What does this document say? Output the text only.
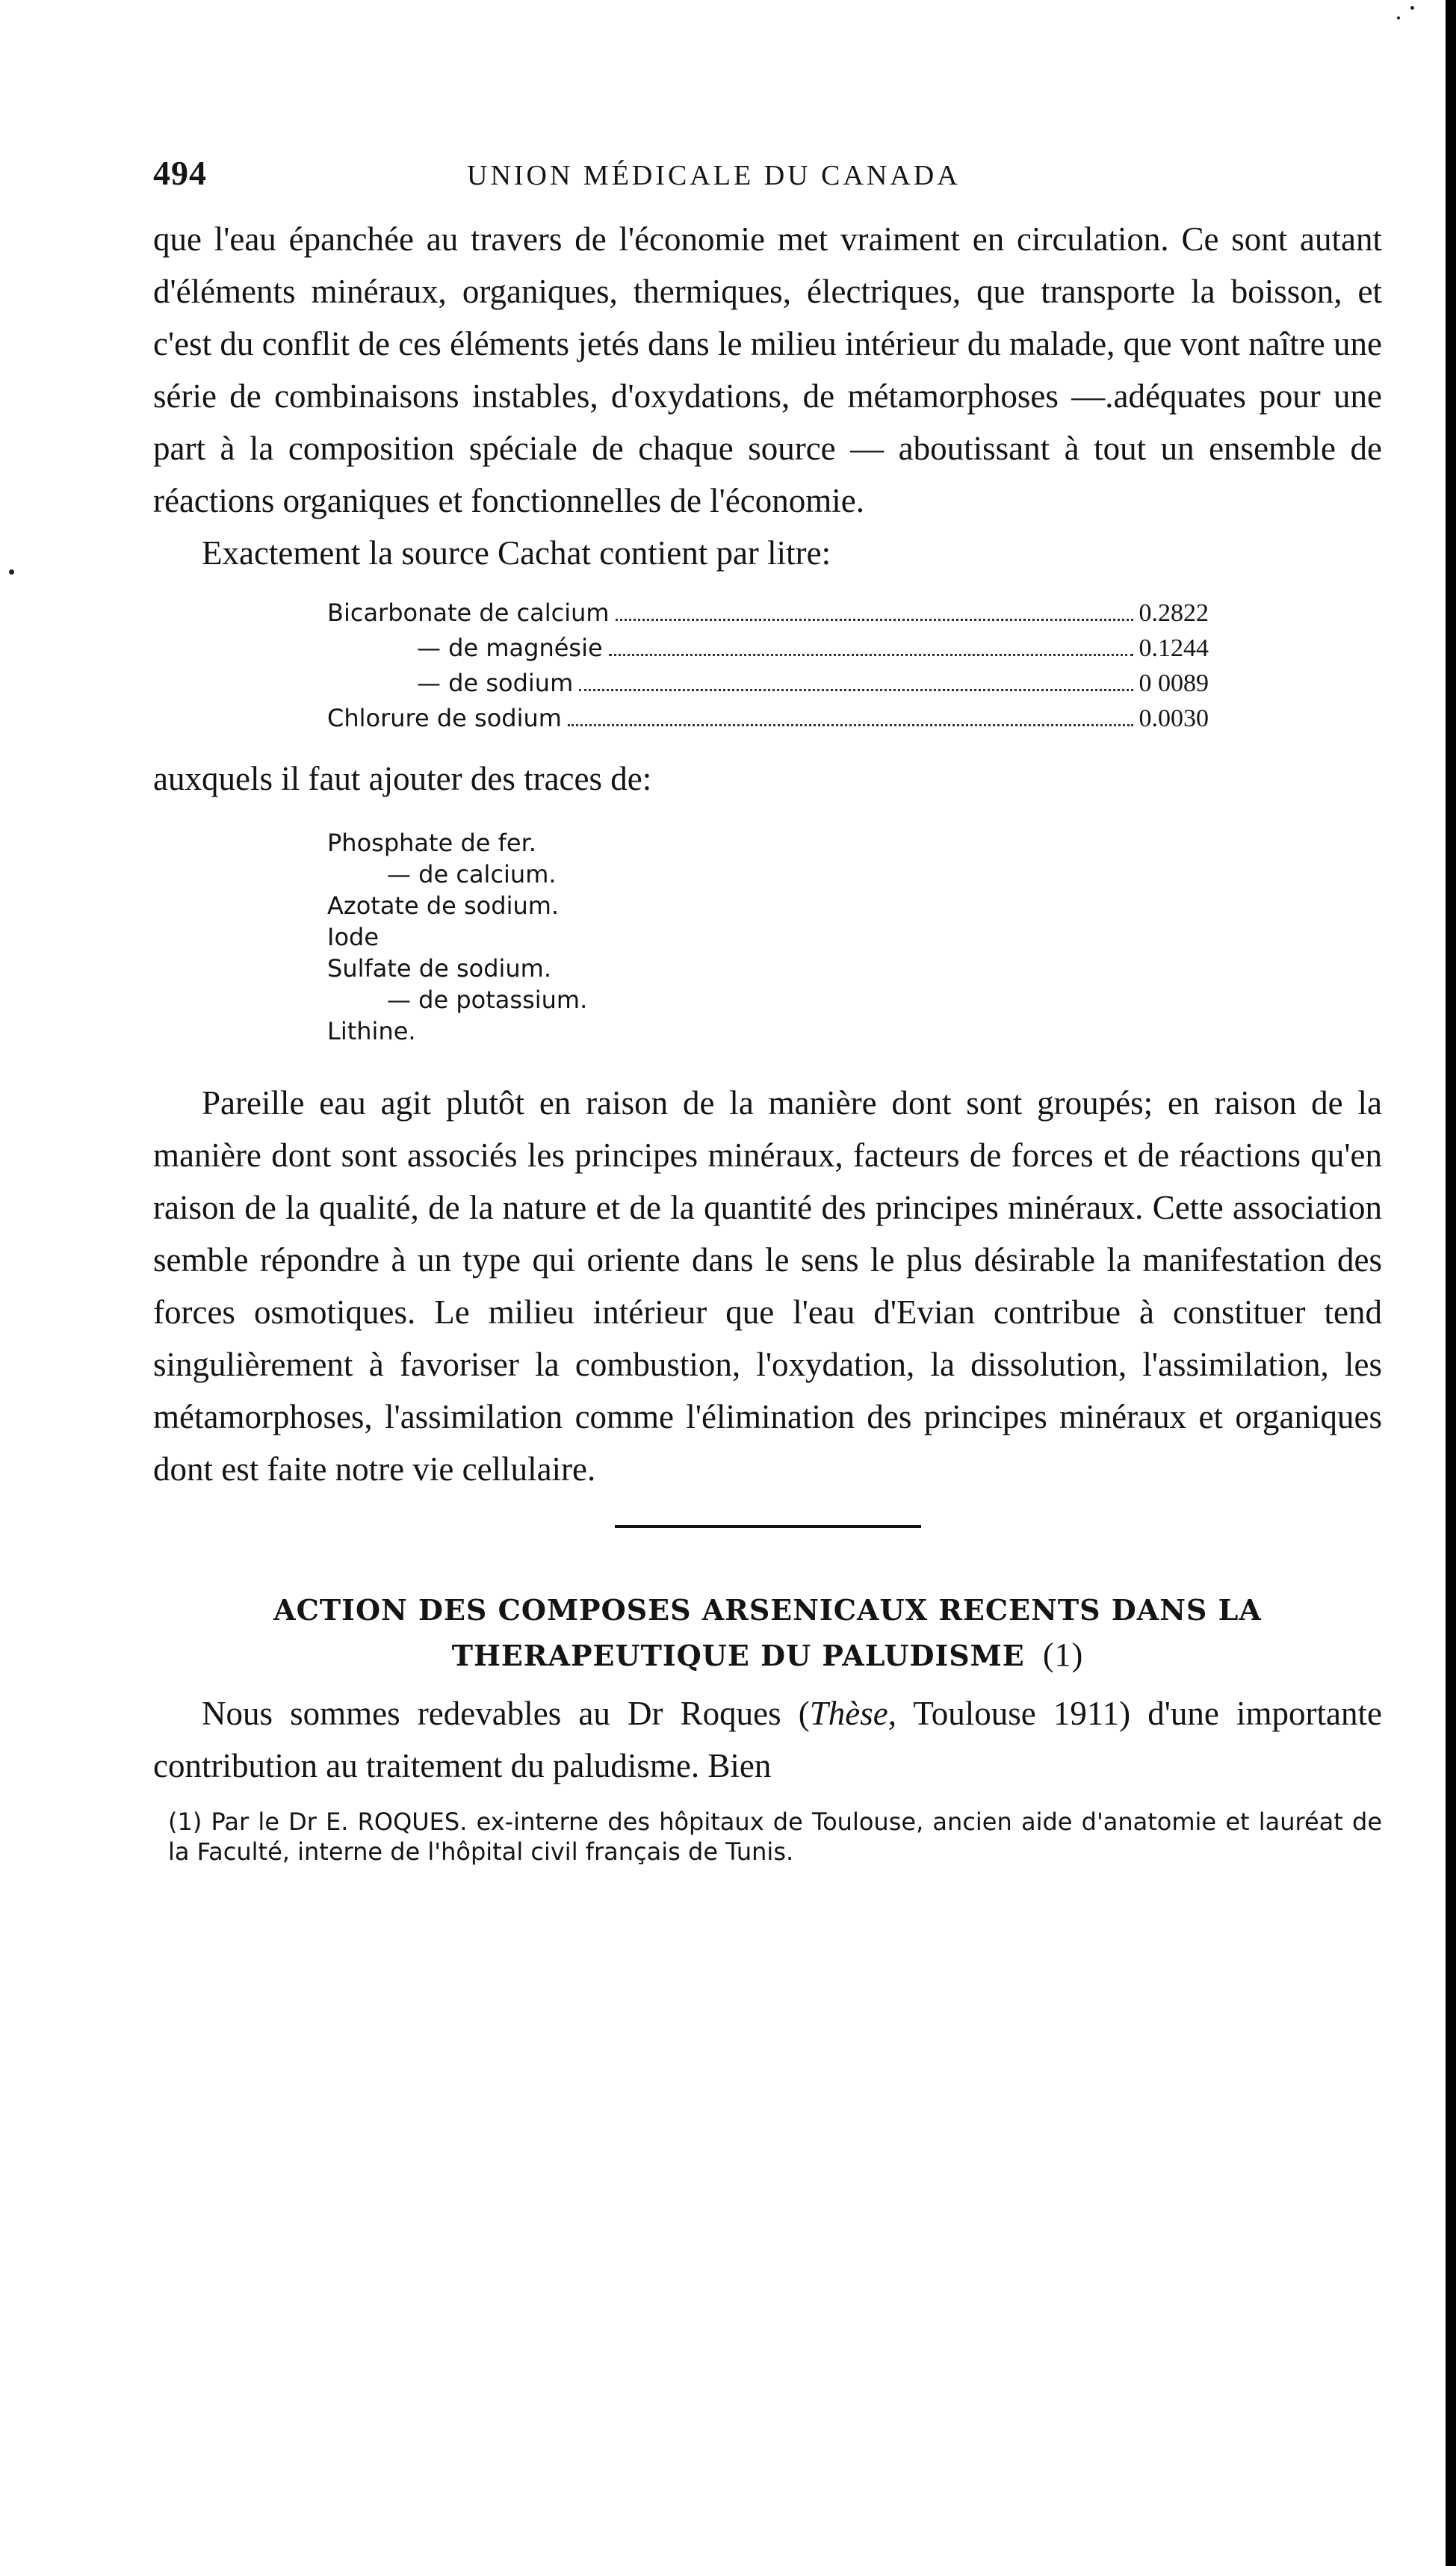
494	UNION MÉDICALE DU CANADA

que l'eau épanchée au travers de l'économie met vraiment en circulation. Ce sont autant d'éléments minéraux, organiques, thermiques, électriques, que transporte la boisson, et c'est du conflit de ces éléments jetés dans le milieu intérieur du malade, que vont naître une série de combinaisons instables, d'oxydations, de métamorphoses —.adéquates pour une part à la composition spéciale de chaque source — aboutissant à tout un ensemble de réactions organiques et fonctionnelles de l'économie.

Exactement la source Cachat contient par litre:

Bicarbonate de calcium	0.2822
— de magnésie	0.1244
— de sodium	0 0089
Chlorure de sodium	0.0030

auxquels il faut ajouter des traces de:

Phosphate de fer.
— de calcium.
Azotate de sodium.
Iode
Sulfate de sodium.
— de potassium.
Lithine.

Pareille eau agit plutôt en raison de la manière dont sont groupés; en raison de la manière dont sont associés les principes minéraux, facteurs de forces et de réactions qu'en raison de la qualité, de la nature et de la quantité des principes minéraux. Cette association semble répondre à un type qui oriente dans le sens le plus désirable la manifestation des forces osmotiques. Le milieu intérieur que l'eau d'Evian contribue à constituer tend singulièrement à favoriser la combustion, l'oxydation, la dissolution, l'assimilation, les métamorphoses, l'assimilation comme l'élimination des principes minéraux et organiques dont est faite notre vie cellulaire.

ACTION DES COMPOSES ARSENICAUX RECENTS DANS LA
THERAPEUTIQUE DU PALUDISME (1)

Nous sommes redevables au Dr Roques (Thèse, Toulouse 1911) d'une importante contribution au traitement du paludisme. Bien

(1) Par le Dr E. ROQUES. ex-interne des hôpitaux de Toulouse, ancien aide d'anatomie et lauréat de la Faculté, interne de l'hôpital civil français de Tunis.
